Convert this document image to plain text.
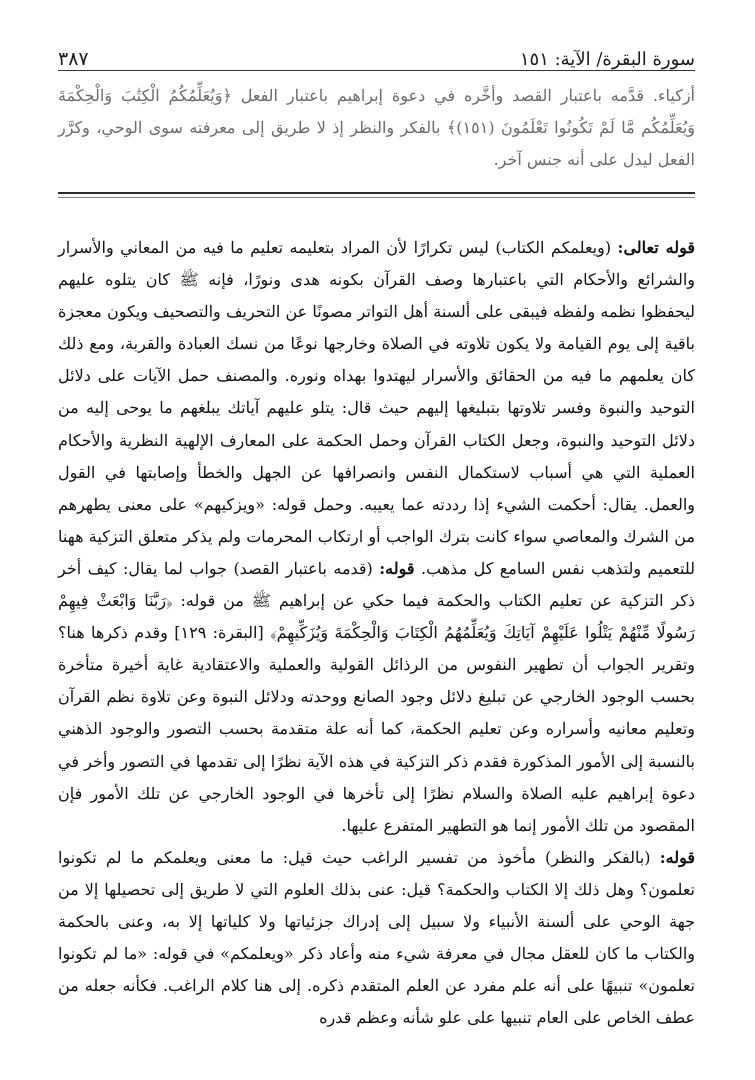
سورة البقرة/ الآية: ١٥١
٣٨٧

أزكياء. قدَّمه باعتبار القصد وأخَّره في دعوة إبراهيم باعتبار الفعل ﴿وَيُعَلِّمُكُمُ الْكِتَٰبَ وَالْحِكْمَةَ وَيُعَلِّمُكُم مَّا لَمْ تَكُونُوا تَعْلَمُونَ (١٥١)﴾ بالفكر والنظر إذ لا طريق إلى معرفته سوى الوحي، وكرَّر الفعل ليدل على أنه جنس آخر.

قوله تعالى: (ويعلمكم الكتاب) ليس تكرارًا لأن المراد بتعليمه تعليم ما فيه من المعاني والأسرار والشرائع والأحكام التي باعتبارها وصف القرآن بكونه هدى ونورًا، فإنه ﷺ كان يتلوه عليهم ليحفظوا نظمه ولفظه فيبقى على ألسنة أهل التواتر مصونًا عن التحريف والتصحيف ويكون معجزة باقية إلى يوم القيامة ولا يكون تلاوته في الصلاة وخارجها نوعًا من نسك العبادة والقربة، ومع ذلك كان يعلمهم ما فيه من الحقائق والأسرار ليهتدوا بهداه ونوره. والمصنف حمل الآيات على دلائل التوحيد والنبوة وفسر تلاوتها بتبليغها إليهم حيث قال: يتلو عليهم آياتك يبلغهم ما يوحى إليه من دلائل التوحيد والنبوة، وجعل الكتاب القرآن وحمل الحكمة على المعارف الإلهية النظرية والأحكام العملية التي هي أسباب لاستكمال النفس وانصرافها عن الجهل والخطأ وإصابتها في القول والعمل. يقال: أحكمت الشيء إذا رددته عما يعيبه. وحمل قوله: «ويزكيهم» على معنى يطهرهم من الشرك والمعاصي سواء كانت بترك الواجب أو ارتكاب المحرمات ولم يذكر متعلق التزكية ههنا للتعميم ولتذهب نفس السامع كل مذهب. قوله: (قدمه باعتبار القصد) جواب لما يقال: كيف أخر ذكر التزكية عن تعليم الكتاب والحكمة فيما حكي عن إبراهيم ﷺ من قوله: ﴿رَبَّنَا وَابْعَثْ فِيهِمْ رَسُولًا مِّنْهُمْ يَتْلُوا عَلَيْهِمْ آيَاتِكَ وَيُعَلِّمُهُمُ الْكِتَابَ وَالْحِكْمَةَ وَيُزَكِّيهِمْ﴾ [البقرة: ١٢٩] وقدم ذكرها هنا؟ وتقرير الجواب أن تطهير النفوس من الرذائل القولية والعملية والاعتقادية غاية أخيرة متأخرة بحسب الوجود الخارجي عن تبليغ دلائل وجود الصانع ووحدته ودلائل النبوة وعن تلاوة نظم القرآن وتعليم معانيه وأسراره وعن تعليم الحكمة، كما أنه علة متقدمة بحسب التصور والوجود الذهني بالنسبة إلى الأمور المذكورة فقدم ذكر التزكية في هذه الآية نظرًا إلى تقدمها في التصور وأخر في دعوة إبراهيم عليه الصلاة والسلام نظرًا إلى تأخرها في الوجود الخارجي عن تلك الأمور فإن المقصود من تلك الأمور إنما هو التطهير المتفرع عليها.

قوله: (بالفكر والنظر) مأخوذ من تفسير الراغب حيث قيل: ما معنى ويعلمكم ما لم تكونوا تعلمون؟ وهل ذلك إلا الكتاب والحكمة؟ قيل: عنى بذلك العلوم التي لا طريق إلى تحصيلها إلا من جهة الوحي على ألسنة الأنبياء ولا سبيل إلى إدراك جزئياتها ولا كلياتها إلا به، وعنى بالحكمة والكتاب ما كان للعقل مجال في معرفة شيء منه وأعاد ذكر «ويعلمكم» في قوله: «ما لم تكونوا تعلمون» تنبيهًا على أنه علم مفرد عن العلم المتقدم ذكره. إلى هنا كلام الراغب. فكأنه جعله من عطف الخاص على العام تنبيها على علو شأنه وعظم قدره
